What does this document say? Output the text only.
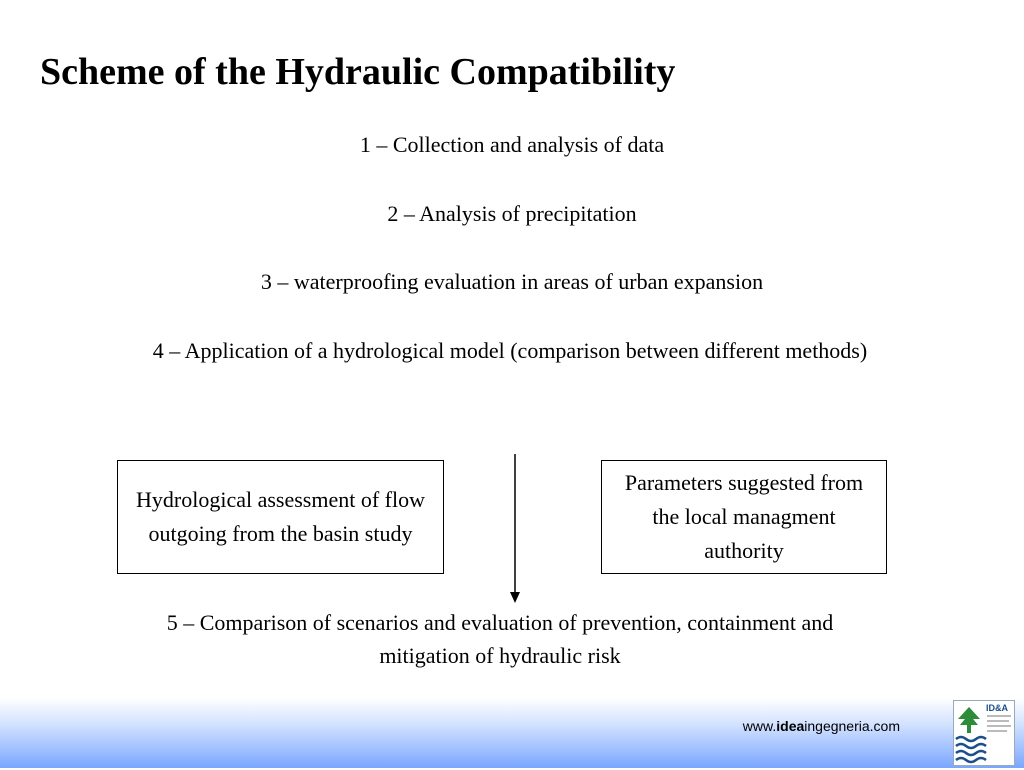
Scheme of the Hydraulic Compatibility
1 – Collection and analysis of data
2 – Analysis of precipitation
3 – waterproofing evaluation in areas of urban expansion
4 – Application of a hydrological model (comparison between different methods)
Hydrological assessment of flow outgoing from the basin study
Parameters suggested from the local managment authority
5 – Comparison of scenarios and evaluation of prevention, containment and mitigation of hydraulic risk
www.ideaingegneria.com
ID&A
